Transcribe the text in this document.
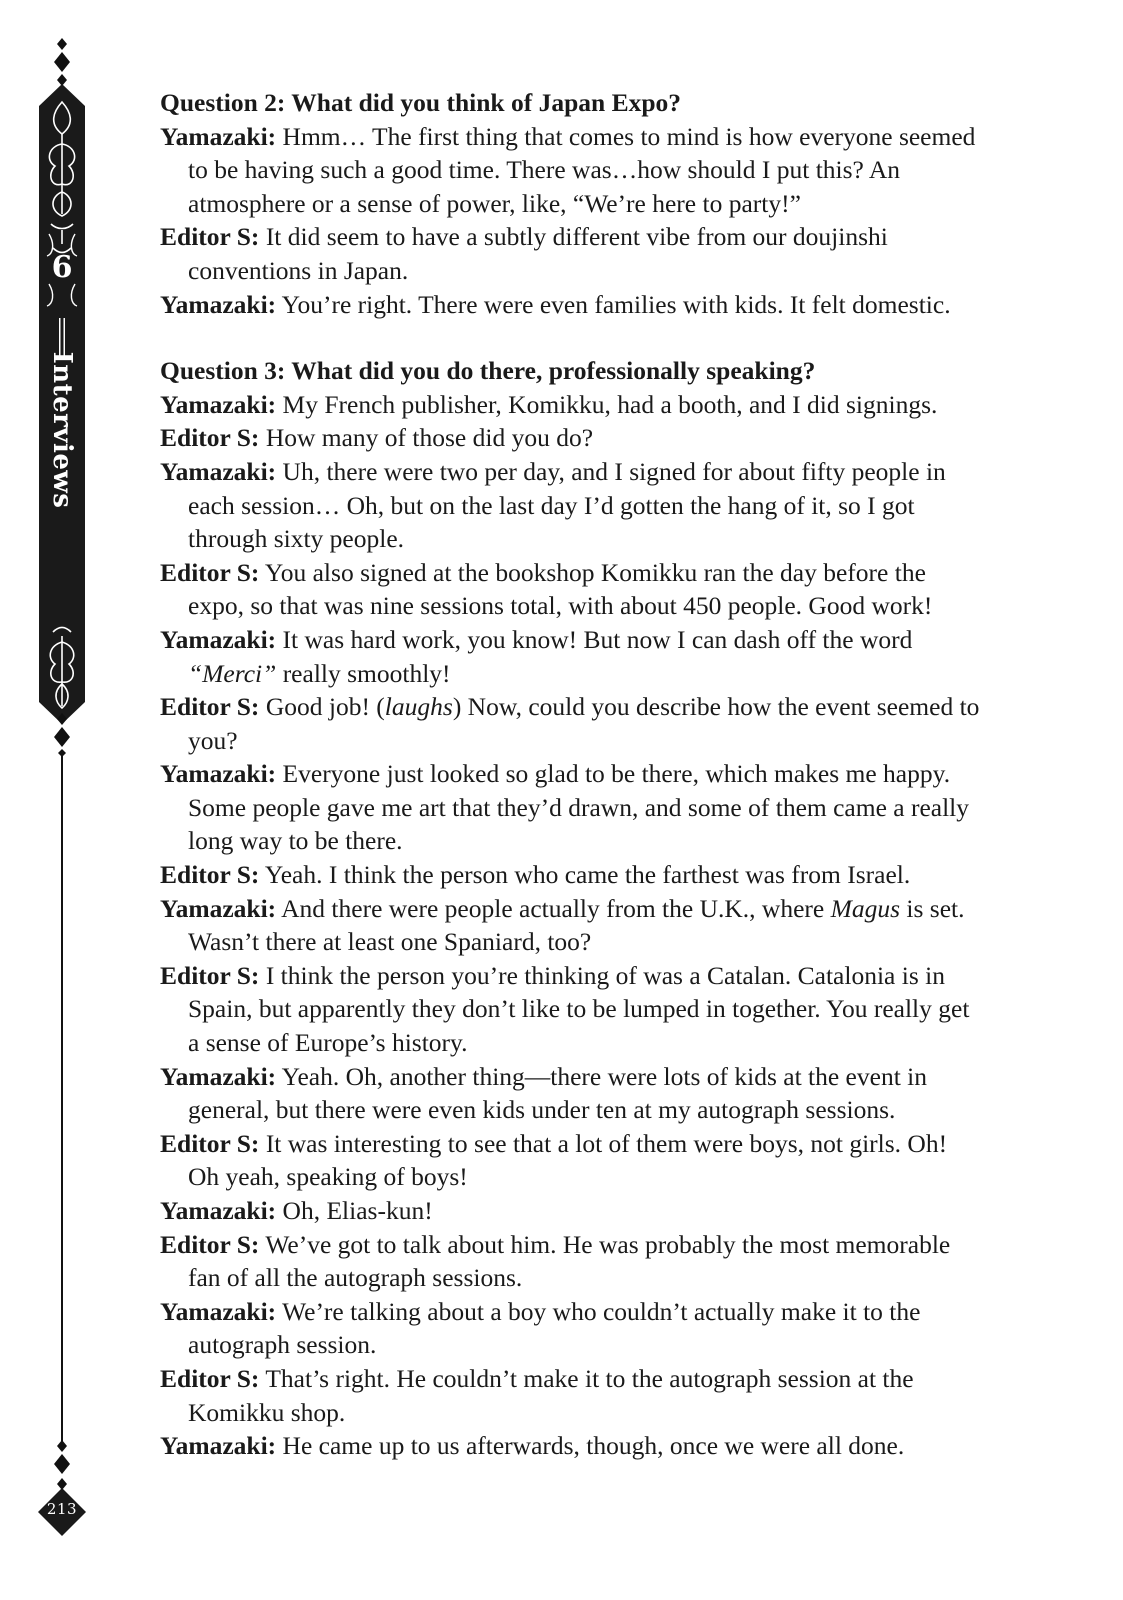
6
Interviews
213

Question 2: What did you think of Japan Expo?

Yamazaki: Hmm… The first thing that comes to mind is how everyone seemed to be having such a good time. There was…how should I put this? An atmosphere or a sense of power, like, “We’re here to party!”

Editor S: It did seem to have a subtly different vibe from our doujinshi conventions in Japan.

Yamazaki: You’re right. There were even families with kids. It felt domestic.

Question 3: What did you do there, professionally speaking?

Yamazaki: My French publisher, Komikku, had a booth, and I did signings.

Editor S: How many of those did you do?

Yamazaki: Uh, there were two per day, and I signed for about fifty people in each session… Oh, but on the last day I’d gotten the hang of it, so I got through sixty people.

Editor S: You also signed at the bookshop Komikku ran the day before the expo, so that was nine sessions total, with about 450 people. Good work!

Yamazaki: It was hard work, you know! But now I can dash off the word “Merci” really smoothly!

Editor S: Good job! (laughs) Now, could you describe how the event seemed to you?

Yamazaki: Everyone just looked so glad to be there, which makes me happy. Some people gave me art that they’d drawn, and some of them came a really long way to be there.

Editor S: Yeah. I think the person who came the farthest was from Israel.

Yamazaki: And there were people actually from the U.K., where Magus is set. Wasn’t there at least one Spaniard, too?

Editor S: I think the person you’re thinking of was a Catalan. Catalonia is in Spain, but apparently they don’t like to be lumped in together. You really get a sense of Europe’s history.

Yamazaki: Yeah. Oh, another thing—there were lots of kids at the event in general, but there were even kids under ten at my autograph sessions.

Editor S: It was interesting to see that a lot of them were boys, not girls. Oh! Oh yeah, speaking of boys!

Yamazaki: Oh, Elias-kun!

Editor S: We’ve got to talk about him. He was probably the most memorable fan of all the autograph sessions.

Yamazaki: We’re talking about a boy who couldn’t actually make it to the autograph session.

Editor S: That’s right. He couldn’t make it to the autograph session at the Komikku shop.

Yamazaki: He came up to us afterwards, though, once we were all done.
